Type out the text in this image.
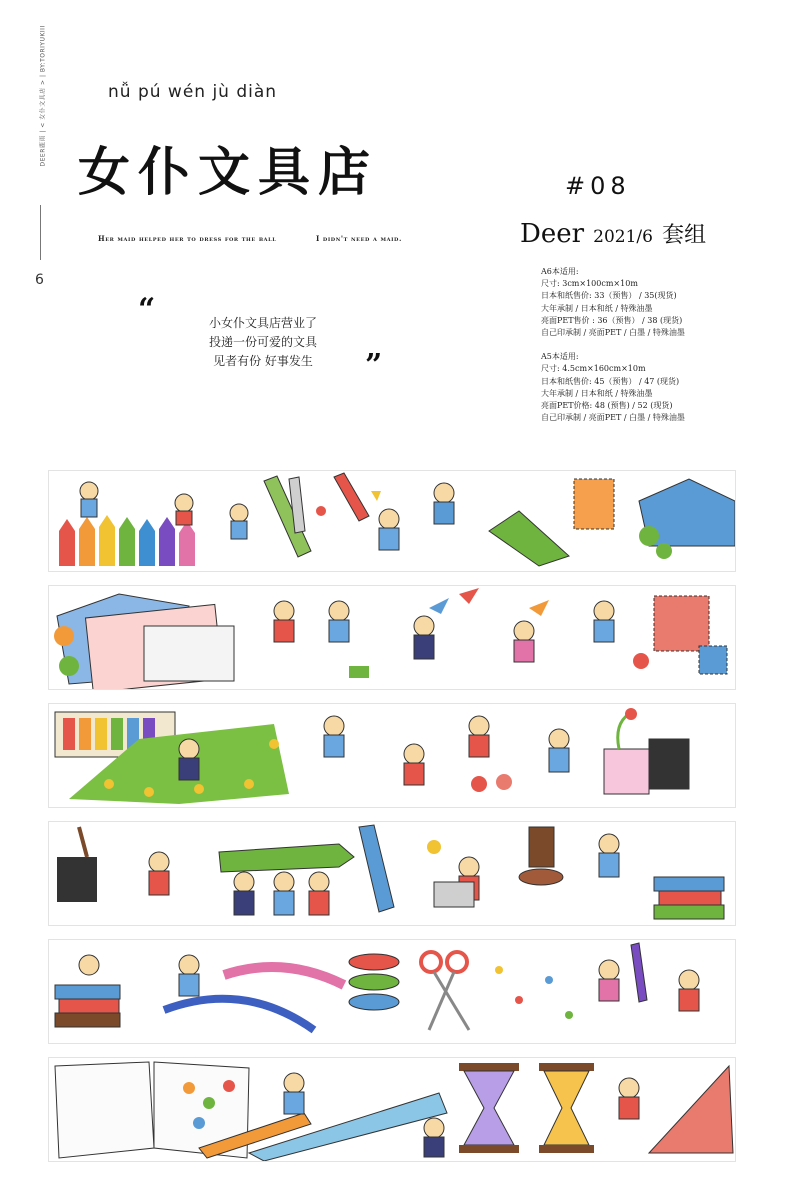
DEER鹿雨 | < 女仆文具店 > | BY:TORIYUKIII
6
nǚ pú wén jù diàn
女仆文具店
Her maid helped her to dress for the ball	I didn't need a maid.
“	小女仆文具店营业了
投递一份可爱的文具
见者有份 好事发生	”
#08
Deer 2021/6 套组
A6本适用:
尺寸: 3cm×100cm×10m
日本和纸售价: 33（预售） / 35(现货)
大年承制 / 日本和纸 / 特殊油墨
亮面PET售价 : 36（预售） / 38 (现货)
自己印承制 / 亮面PET / 白墨 / 特殊油墨
A5本适用:
尺寸: 4.5cm×160cm×10m
日本和纸售价: 45（预售） / 47 (现货)
大年承制 / 日本和纸 / 特殊油墨
亮面PET价格: 48 (预售) / 52 (现货)
自己印承制 / 亮面PET / 白墨 / 特殊油墨
